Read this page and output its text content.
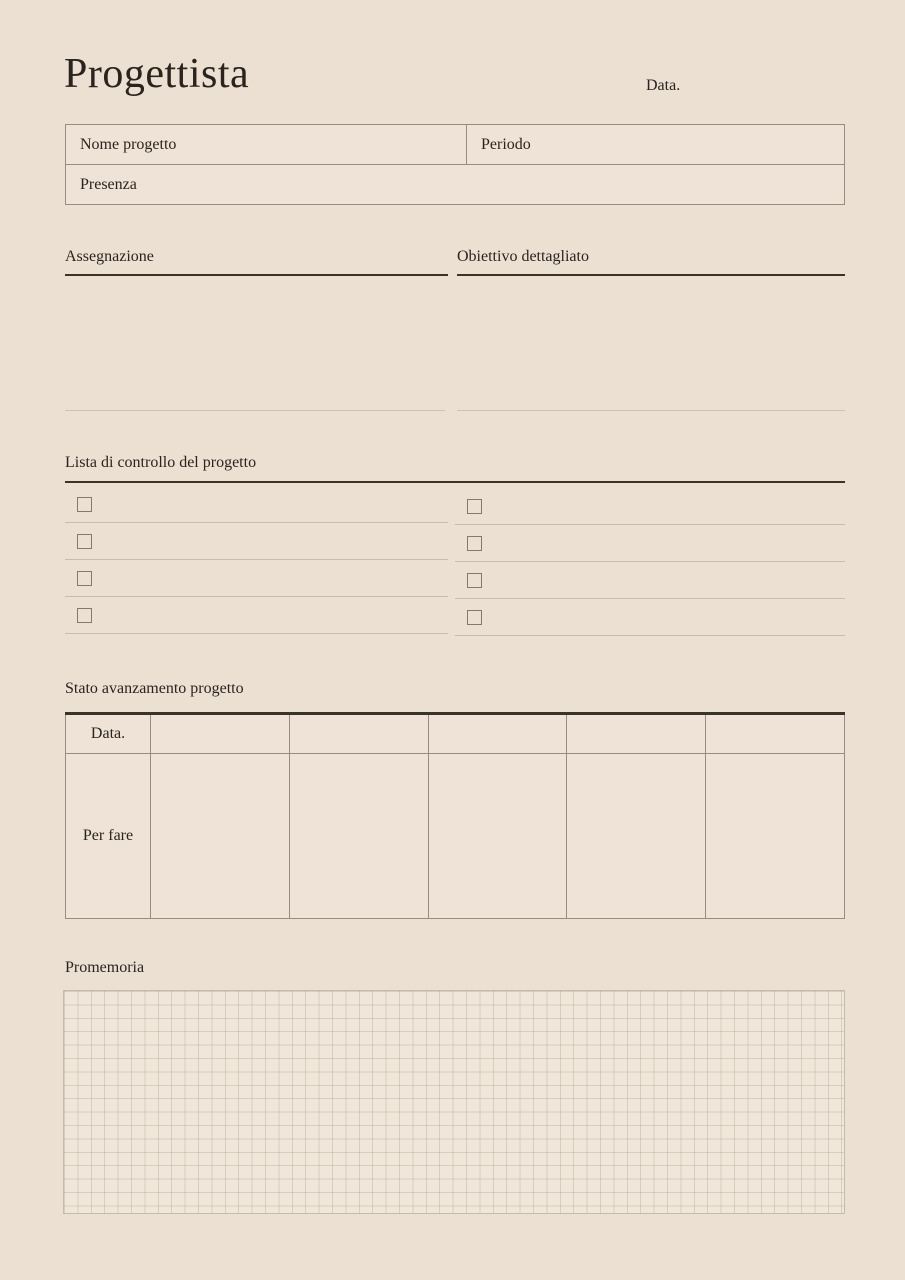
Progettista	Data.
Nome progetto	Periodo
Presenza
Assegnazione	Obiettivo dettagliato
Lista di controllo del progetto
Stato avanzamento progetto
Data.					
Per fare					
Promemoria
